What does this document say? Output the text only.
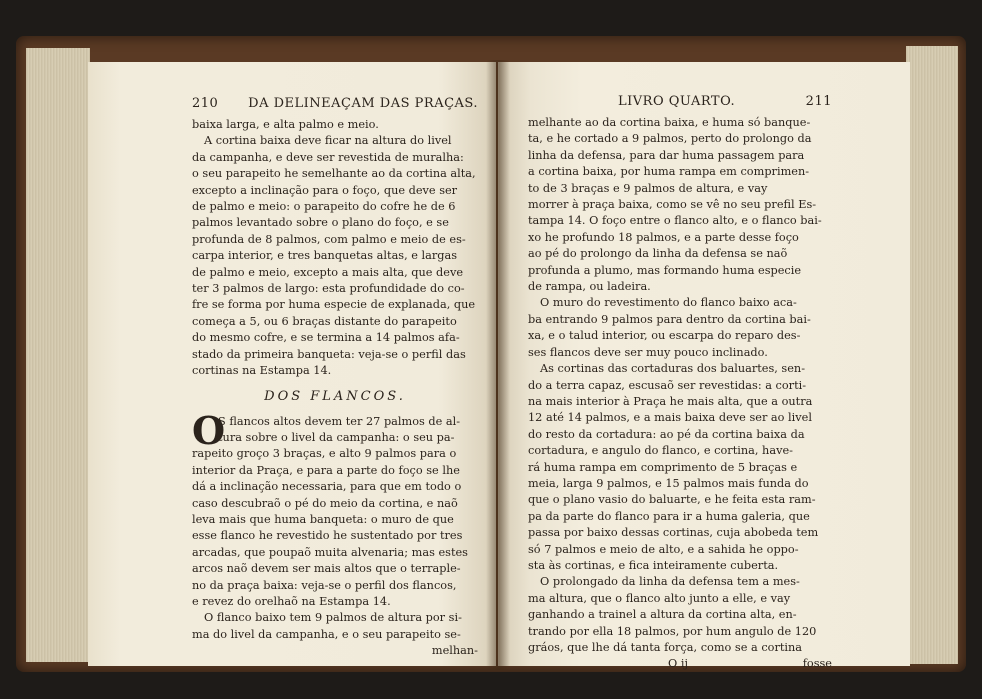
210 DA DELINEAÇAM DAS PRAÇAS.
baixa larga, e alta palmo e meio.
A cortina baixa deve ficar na altura do livel
da campanha, e deve ser revestida de muralha:
o seu parapeito he semelhante ao da cortina alta,
excepto a inclinação para o foço, que deve ser
de palmo e meio: o parapeito do cofre he de 6
palmos levantado sobre o plano do foço, e se
profunda de 8 palmos, com palmo e meio de es-
carpa interior, e tres banquetas altas, e largas
de palmo e meio, excepto a mais alta, que deve
ter 3 palmos de largo: esta profundidade do co-
fre se forma por huma especie de explanada, que
começa a 5, ou 6 braças distante do parapeito
do mesmo cofre, e se termina a 14 palmos afa-
stado da primeira banqueta: veja-se o perfil das
cortinas na Estampa 14.
DOS FLANCOS.
O
S flancos altos devem ter 27 palmos de al-
tura sobre o livel da campanha: o seu pa-
rapeito groço 3 braças, e alto 9 palmos para o
interior da Praça, e para a parte do foço se lhe
dá a inclinação necessaria, para que em todo o
caso descubraõ o pé do meio da cortina, e naõ
leva mais que huma banqueta: o muro de que
esse flanco he revestido he sustentado por tres
arcadas, que poupaõ muita alvenaria; mas estes
arcos naõ devem ser mais altos que o terraple-
no da praça baixa: veja-se o perfil dos flancos,
e revez do orelhaõ na Estampa 14.
O flanco baixo tem 9 palmos de altura por si-
ma do livel da campanha, e o seu parapeito se-
melhan-
LIVRO QUARTO.	211
melhante ao da cortina baixa, e huma só banque-
ta, e he cortado a 9 palmos, perto do prolongo da
linha da defensa, para dar huma passagem para
a cortina baixa, por huma rampa em comprimen-
to de 3 braças e 9 palmos de altura, e vay
morrer à praça baixa, como se vê no seu prefil Es-
tampa 14. O foço entre o flanco alto, e o flanco bai-
xo he profundo 18 palmos, e a parte desse foço
ao pé do prolongo da linha da defensa se naõ
profunda a plumo, mas formando huma especie
de rampa, ou ladeira.
O muro do revestimento do flanco baixo aca-
ba entrando 9 palmos para dentro da cortina bai-
xa, e o talud interior, ou escarpa do reparo des-
ses flancos deve ser muy pouco inclinado.
As cortinas das cortaduras dos baluartes, sen-
do a terra capaz, escusaõ ser revestidas: a corti-
na mais interior à Praça he mais alta, que a outra
12 até 14 palmos, e a mais baixa deve ser ao livel
do resto da cortadura: ao pé da cortina baixa da
cortadura, e angulo do flanco, e cortina, have-
rá huma rampa em comprimento de 5 braças e
meia, larga 9 palmos, e 15 palmos mais funda do
que o plano vasio do baluarte, e he feita esta ram-
pa da parte do flanco para ir a huma galeria, que
passa por baixo dessas cortinas, cuja abobeda tem
só 7 palmos e meio de alto, e a sahida he oppo-
sta às cortinas, e fica inteiramente cuberta.
O prolongado da linha da defensa tem a mes-
ma altura, que o flanco alto junto a elle, e vay
ganhando a trainel a altura da cortina alta, en-
trando por ella 18 palmos, por hum angulo de 120
gráos, que lhe dá tanta força, como se a cortina
O ij	fosse
